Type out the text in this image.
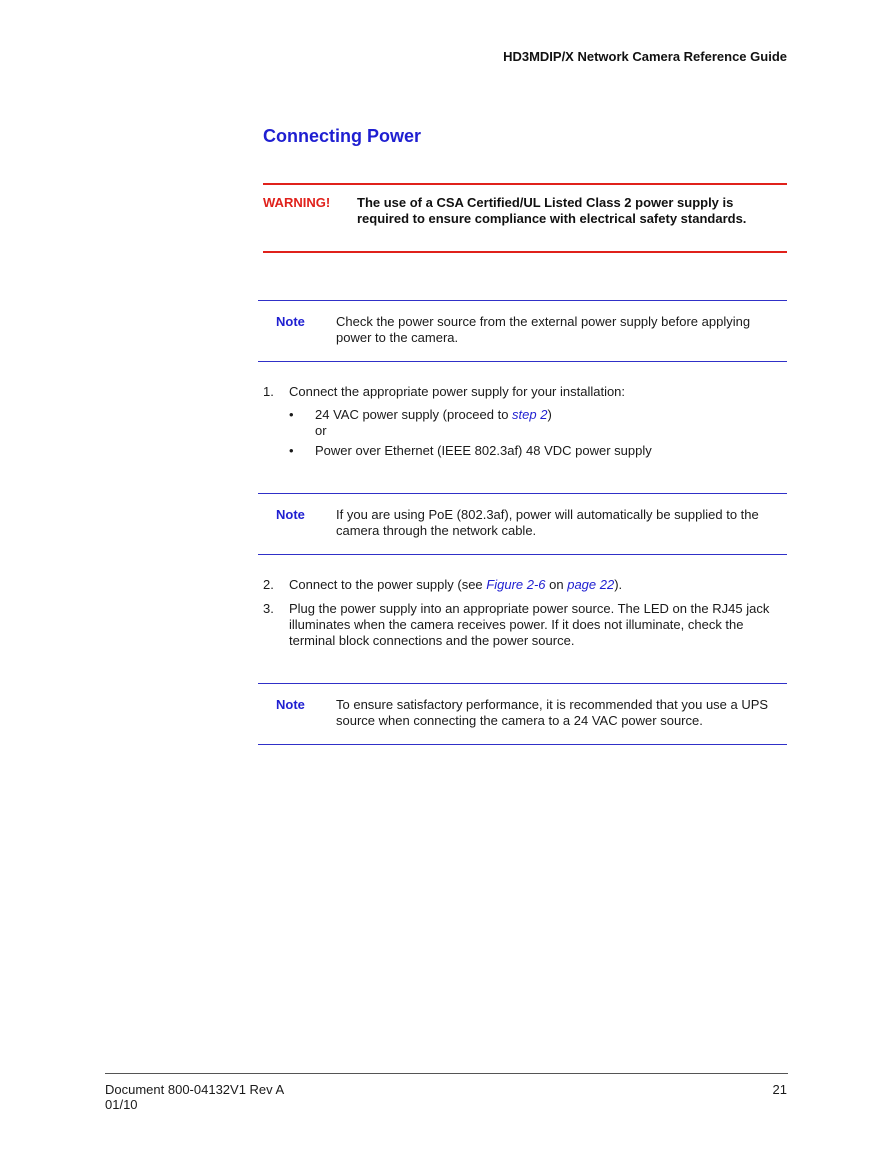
HD3MDIP/X Network Camera Reference Guide
Connecting Power
WARNING! The use of a CSA Certified/UL Listed Class 2 power supply is required to ensure compliance with electrical safety standards.
Note Check the power source from the external power supply before applying power to the camera.
1. Connect the appropriate power supply for your installation:
• 24 VAC power supply (proceed to step 2)
or
• Power over Ethernet (IEEE 802.3af) 48 VDC power supply
Note If you are using PoE (802.3af), power will automatically be supplied to the camera through the network cable.
2. Connect to the power supply (see Figure 2-6 on page 22).
3. Plug the power supply into an appropriate power source. The LED on the RJ45 jack illuminates when the camera receives power. If it does not illuminate, check the terminal block connections and the power source.
Note To ensure satisfactory performance, it is recommended that you use a UPS source when connecting the camera to a 24 VAC power source.
Document 800-04132V1 Rev A
01/10
21
